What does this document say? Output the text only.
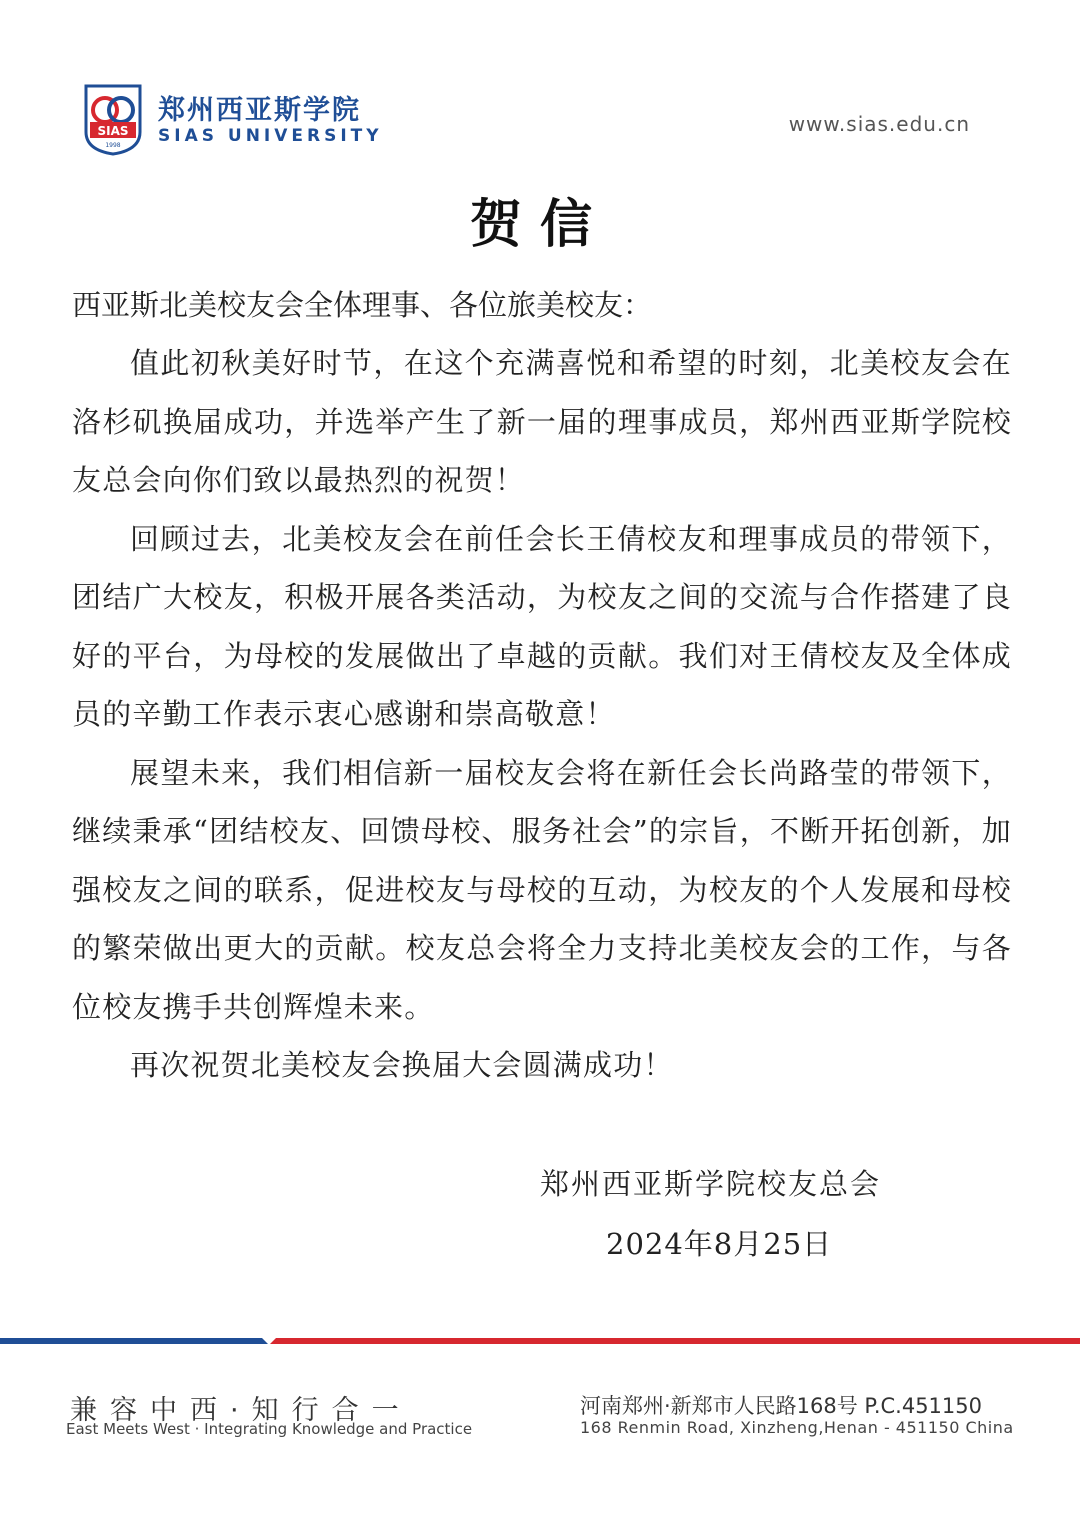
SIAS
1998
郑州西亚斯学院
SIAS UNIVERSITY	www.sias.edu.cn
贺信

西亚斯北美校友会全体理事、各位旅美校友：

值此初秋美好时节，在这个充满喜悦和希望的时刻，北美校友会在洛杉矶换届成功，并选举产生了新一届的理事成员，郑州西亚斯学院校友总会向你们致以最热烈的祝贺！

回顾过去，北美校友会在前任会长王倩校友和理事成员的带领下，团结广大校友，积极开展各类活动，为校友之间的交流与合作搭建了良好的平台，为母校的发展做出了卓越的贡献。我们对王倩校友及全体成员的辛勤工作表示衷心感谢和崇高敬意！

展望未来，我们相信新一届校友会将在新任会长尚路莹的带领下，继续秉承“团结校友、回馈母校、服务社会”的宗旨，不断开拓创新，加强校友之间的联系，促进校友与母校的互动，为校友的个人发展和母校的繁荣做出更大的贡献。校友总会将全力支持北美校友会的工作，与各位校友携手共创辉煌未来。

再次祝贺北美校友会换届大会圆满成功！

郑州西亚斯学院校友总会
2024年8月25日
兼容中西·知行合一
East Meets West · Integrating Knowledge and Practice
河南郑州·新郑市人民路168号 P.C.451150
168 Renmin Road, Xinzheng,Henan - 451150 China
